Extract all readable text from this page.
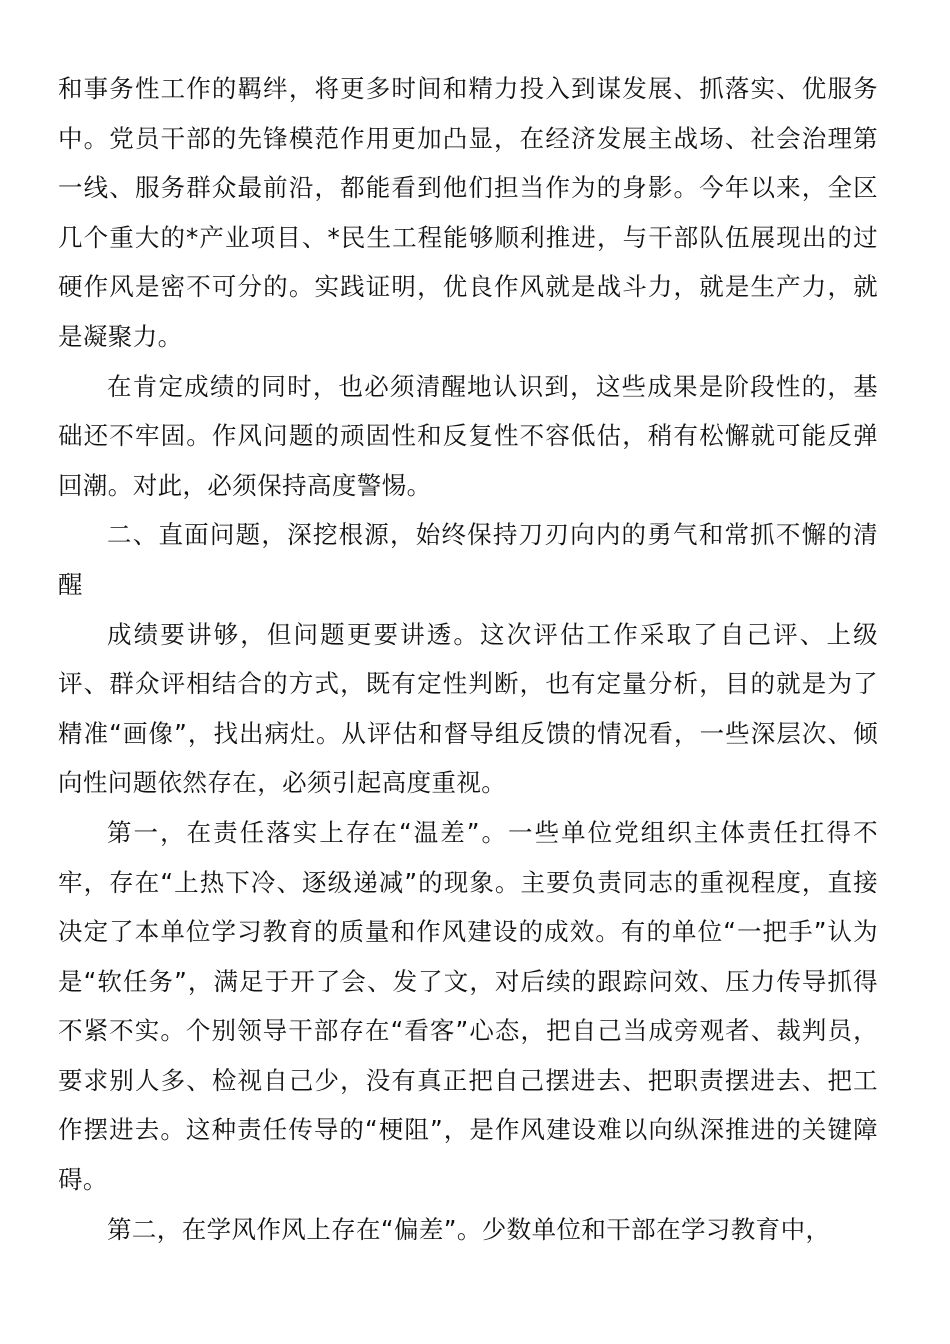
和事务性工作的羁绊，将更多时间和精力投入到谋发展、抓落实、优服务中。党员干部的先锋模范作用更加凸显，在经济发展主战场、社会治理第一线、服务群众最前沿，都能看到他们担当作为的身影。今年以来，全区几个重大的*产业项目、*民生工程能够顺利推进，与干部队伍展现出的过硬作风是密不可分的。实践证明，优良作风就是战斗力，就是生产力，就是凝聚力。

在肯定成绩的同时，也必须清醒地认识到，这些成果是阶段性的，基础还不牢固。作风问题的顽固性和反复性不容低估，稍有松懈就可能反弹回潮。对此，必须保持高度警惕。

二、直面问题，深挖根源，始终保持刀刃向内的勇气和常抓不懈的清醒

成绩要讲够，但问题更要讲透。这次评估工作采取了自己评、上级评、群众评相结合的方式，既有定性判断，也有定量分析，目的就是为了精准“画像”，找出病灶。从评估和督导组反馈的情况看，一些深层次、倾向性问题依然存在，必须引起高度重视。

第一，在责任落实上存在“温差”。一些单位党组织主体责任扛得不牢，存在“上热下冷、逐级递减”的现象。主要负责同志的重视程度，直接决定了本单位学习教育的质量和作风建设的成效。有的单位“一把手”认为是“软任务”，满足于开了会、发了文，对后续的跟踪问效、压力传导抓得不紧不实。个别领导干部存在“看客”心态，把自己当成旁观者、裁判员，要求别人多、检视自己少，没有真正把自己摆进去、把职责摆进去、把工作摆进去。这种责任传导的“梗阻”，是作风建设难以向纵深推进的关键障碍。

第二，在学风作风上存在“偏差”。少数单位和干部在学习教育中，
